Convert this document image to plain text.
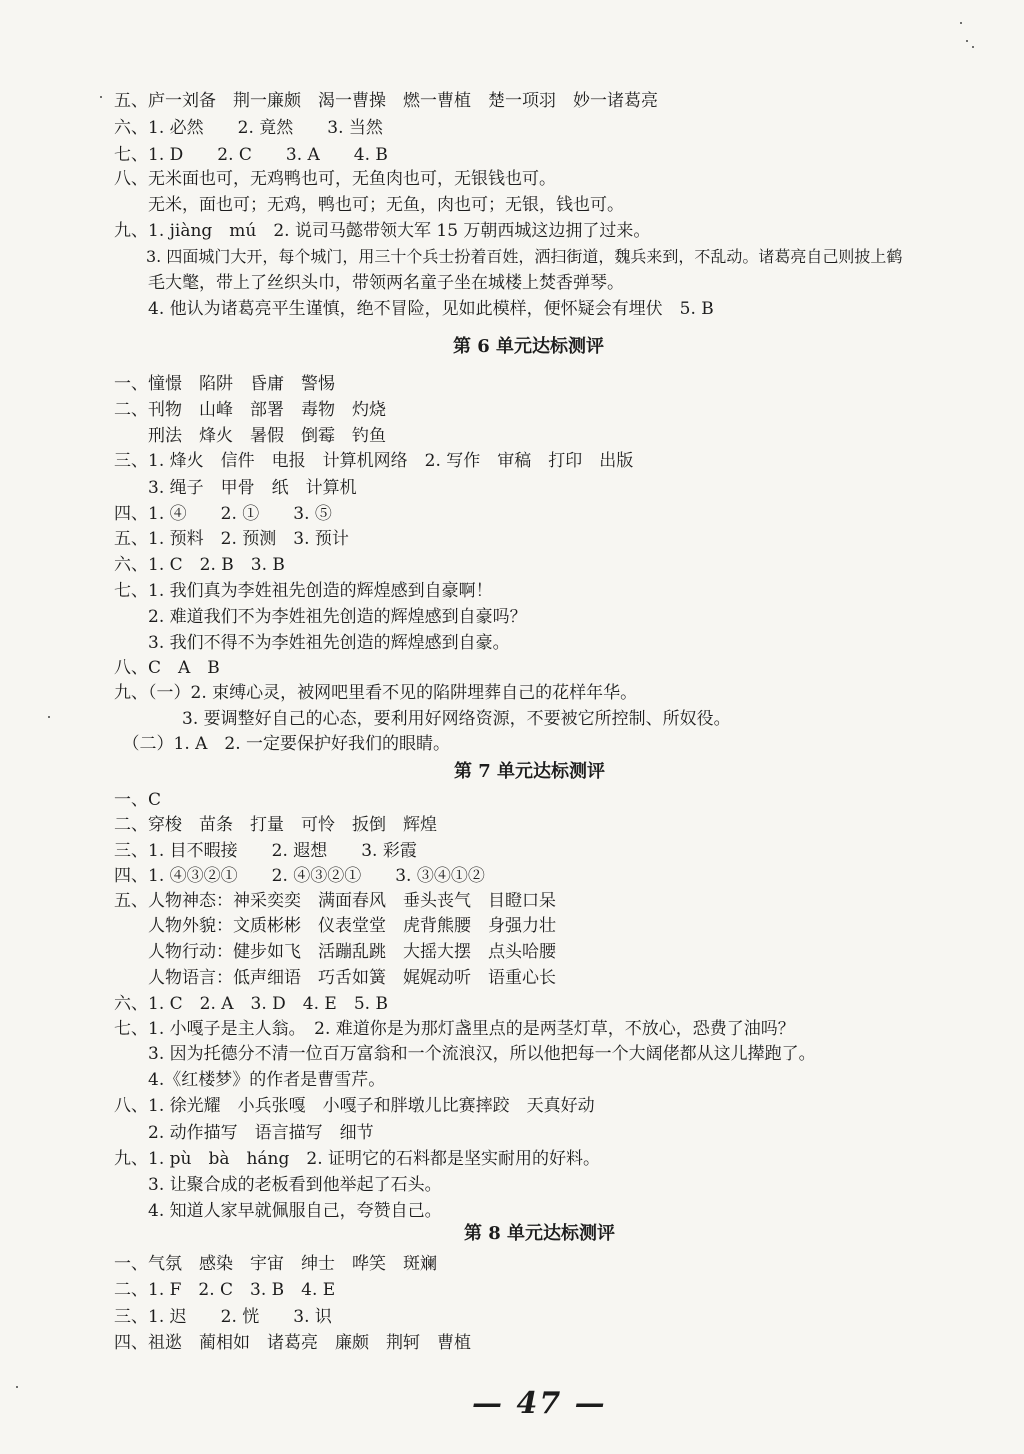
五、庐一刘备　荆一廉颇　渴一曹操　燃一曹植　楚一项羽　妙一诸葛亮
六、1. 必然　　2. 竟然　　3. 当然
七、1. D　　2. C　　3. A　　4. B
八、无米面也可，无鸡鸭也可，无鱼肉也可，无银钱也可。
　　无米，面也可；无鸡，鸭也可；无鱼，肉也可；无银，钱也可。
九、1. jiàng　mú　2. 说司马懿带领大军 15 万朝西城这边拥了过来。
　　3. 四面城门大开，每个城门，用三十个兵士扮着百姓，洒扫街道，魏兵来到，不乱动。诸葛亮自己则披上鹤
　　毛大氅，带上了丝织头巾，带领两名童子坐在城楼上焚香弹琴。
　　4. 他认为诸葛亮平生谨慎，绝不冒险，见如此模样，便怀疑会有埋伏　5. B
第 6 单元达标测评
一、憧憬　陷阱　昏庸　警惕
二、刊物　山峰　部署　毒物　灼烧
　　刑法　烽火　暑假　倒霉　钓鱼
三、1. 烽火　信件　电报　计算机网络　2. 写作　审稿　打印　出版
　　3. 绳子　甲骨　纸　计算机
四、1. ④　　2. ①　　3. ⑤
五、1. 预料　2. 预测　3. 预计
六、1. C　2. B　3. B
七、1. 我们真为李姓祖先创造的辉煌感到自豪啊！
　　2. 难道我们不为李姓祖先创造的辉煌感到自豪吗？
　　3. 我们不得不为李姓祖先创造的辉煌感到自豪。
八、C　A　B
九、（一）2. 束缚心灵，被网吧里看不见的陷阱埋葬自己的花样年华。
　　　　3. 要调整好自己的心态，要利用好网络资源，不要被它所控制、所奴役。
　（二）1. A　2. 一定要保护好我们的眼睛。
第 7 单元达标测评
一、C
二、穿梭　苗条　打量　可怜　扳倒　辉煌
三、1. 目不暇接　　2. 遐想　　3. 彩霞
四、1. ④③②①　　2. ④③②①　　3. ③④①②
五、人物神态：神采奕奕　满面春风　垂头丧气　目瞪口呆
　　人物外貌：文质彬彬　仪表堂堂　虎背熊腰　身强力壮
　　人物行动：健步如飞　活蹦乱跳　大摇大摆　点头哈腰
　　人物语言：低声细语　巧舌如簧　娓娓动听　语重心长
六、1. C　2. A　3. D　4. E　5. B
七、1. 小嘎子是主人翁。　2. 难道你是为那灯盏里点的是两茎灯草，不放心，恐费了油吗？
　　3. 因为托德分不清一位百万富翁和一个流浪汉，所以他把每一个大阔佬都从这儿撵跑了。
　　4.《红楼梦》的作者是曹雪芹。
八、1. 徐光耀　小兵张嘎　小嘎子和胖墩儿比赛摔跤　天真好动
　　2. 动作描写　语言描写　细节
九、1. pù　bà　háng　2. 证明它的石料都是坚实耐用的好料。
　　3. 让聚合成的老板看到他举起了石头。
　　4. 知道人家早就佩服自己，夸赞自己。
第 8 单元达标测评
一、气氛　感染　宇宙　绅士　哗笑　斑斓
二、1. F　2. C　3. B　4. E
三、1. 迟　　2. 恍　　3. 识
四、祖逖　蔺相如　诸葛亮　廉颇　荆轲　曹植
— 47 —
